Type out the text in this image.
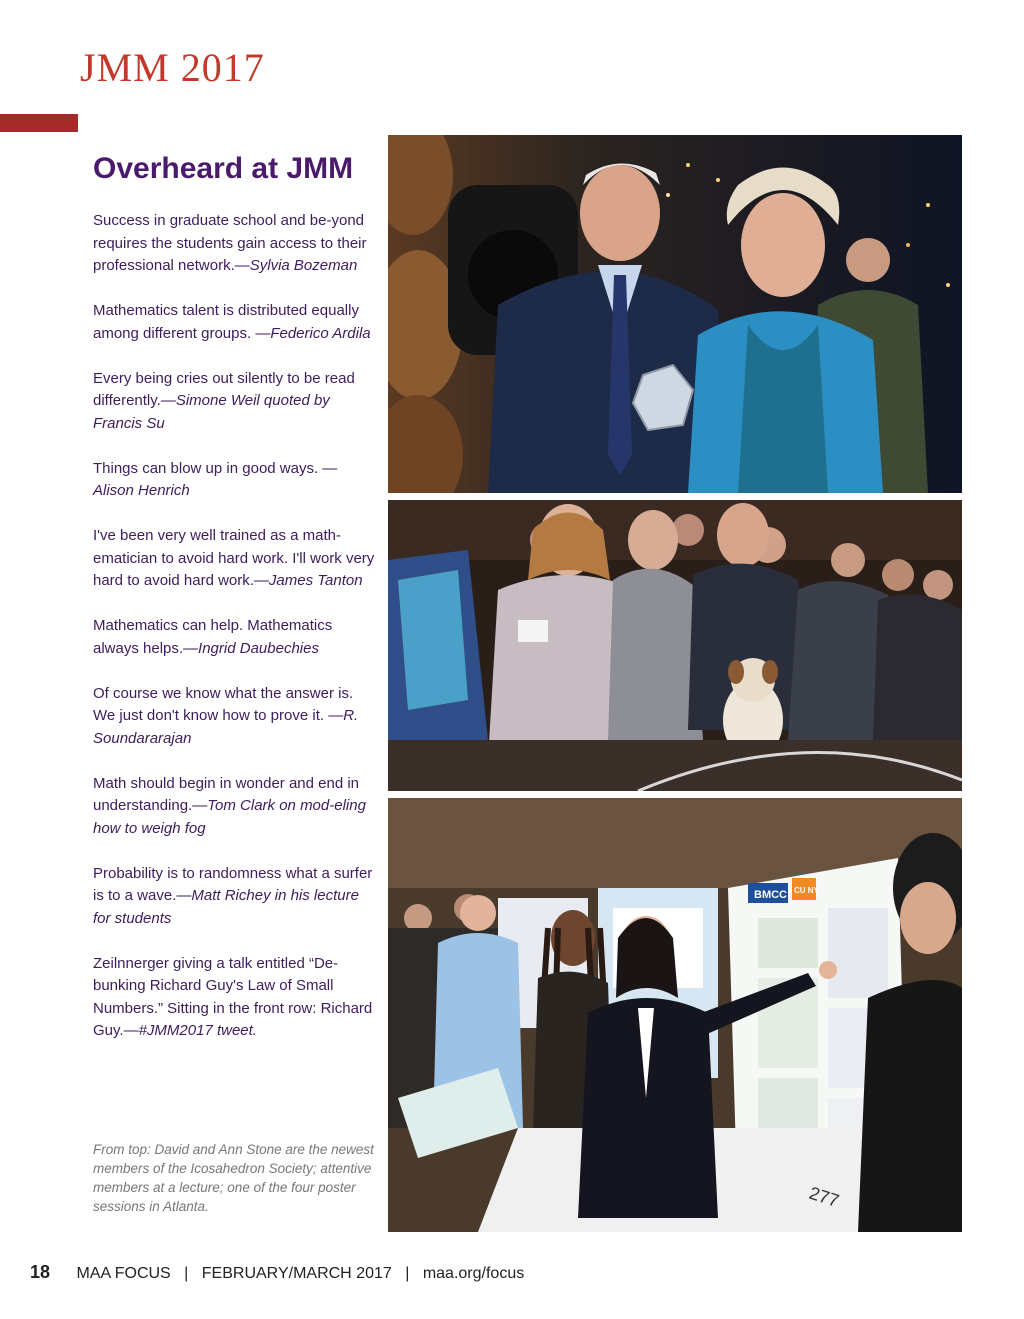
JMM 2017
Overheard at JMM

Success in graduate school and be-yond requires the students gain access to their professional network.—Sylvia Bozeman

Mathematics talent is distributed equally among different groups. —Federico Ardila

Every being cries out silently to be read differently.—Simone Weil quoted by Francis Su

Things can blow up in good ways. —Alison Henrich

I've been very well trained as a math-ematician to avoid hard work. I'll work very hard to avoid hard work.—James Tanton

Mathematics can help. Mathematics always helps.—Ingrid Daubechies

Of course we know what the answer is. We just don't know how to prove it. —R. Soundararajan

Math should begin in wonder and end in understanding.—Tom Clark on mod-eling how to weigh fog

Probability is to randomness what a surfer is to a wave.—Matt Richey in his lecture for students

Zeilnnerger giving a talk entitled “De-bunking Richard Guy's Law of Small Numbers.” Sitting in the front row: Richard Guy.—#JMM2017 tweet.

From top: David and Ann Stone are the newest members of the Icosahedron Society; attentive members at a lecture; one of the four poster sessions in Atlanta.

BMCC CU NY
277
18 MAA FOCUS | FEBRUARY/MARCH 2017 | maa.org/focus
